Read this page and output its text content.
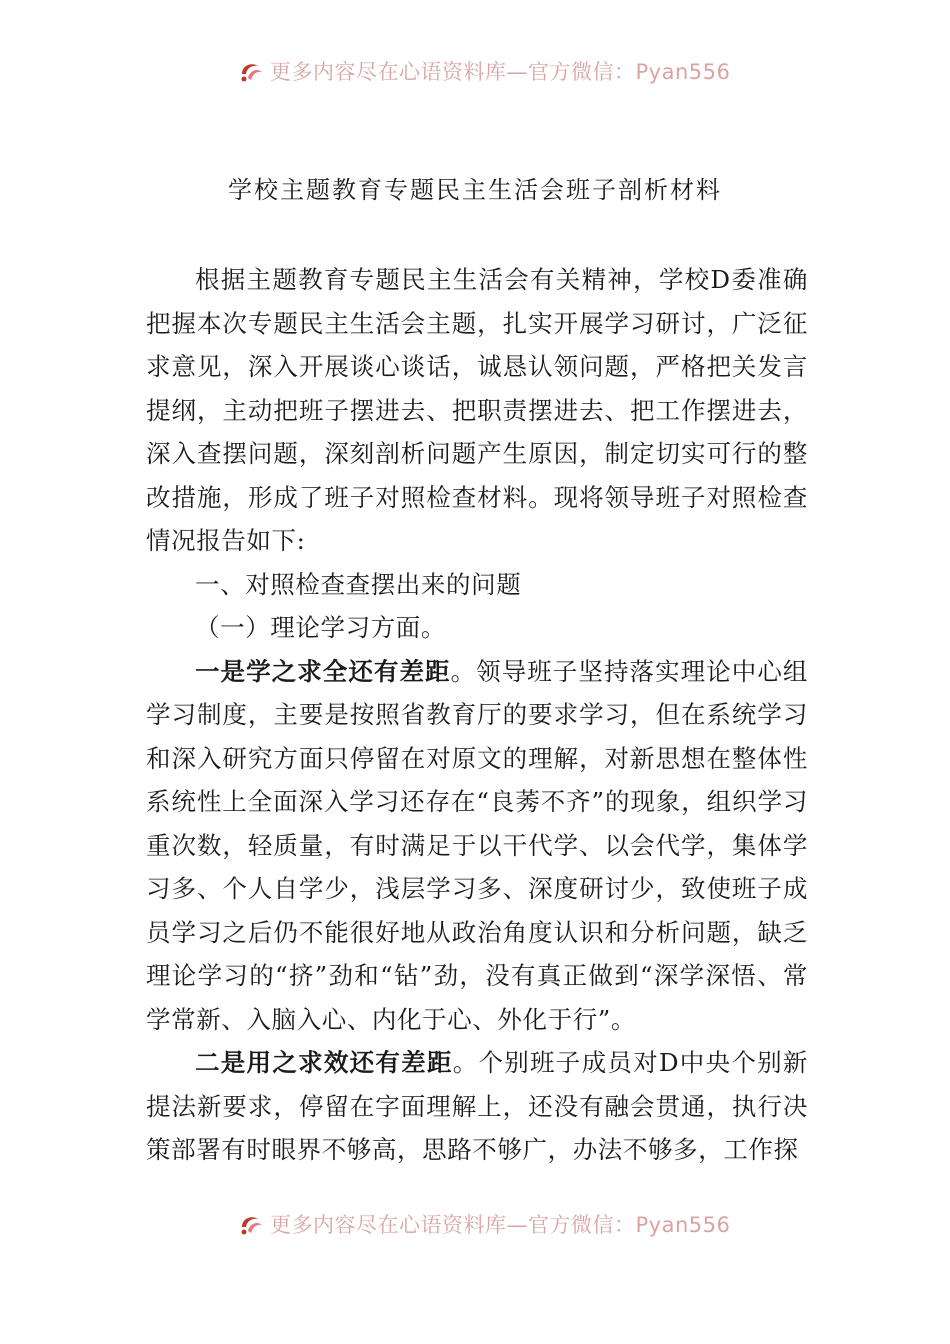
更多内容尽在心语资料库—官方微信：Pyan556
学校主题教育专题民主生活会班子剖析材料

根据主题教育专题民主生活会有关精神，学校D委准确把握本次专题民主生活会主题，扎实开展学习研讨，广泛征求意见，深入开展谈心谈话，诚恳认领问题，严格把关发言提纲，主动把班子摆进去、把职责摆进去、把工作摆进去，深入查摆问题，深刻剖析问题产生原因，制定切实可行的整改措施，形成了班子对照检查材料。现将领导班子对照检查情况报告如下:

一、对照检查查摆出来的问题

（一）理论学习方面。

一是学之求全还有差距。领导班子坚持落实理论中心组学习制度，主要是按照省教育厅的要求学习，但在系统学习和深入研究方面只停留在对原文的理解，对新思想在整体性系统性上全面深入学习还存在“良莠不齐”的现象，组织学习重次数，轻质量，有时满足于以干代学、以会代学，集体学习多、个人自学少，浅层学习多、深度研讨少，致使班子成员学习之后仍不能很好地从政治角度认识和分析问题，缺乏理论学习的“挤”劲和“钻”劲，没有真正做到“深学深悟、常学常新、入脑入心、内化于心、外化于行”。

二是用之求效还有差距。个别班子成员对D中央个别新提法新要求，停留在字面理解上，还没有融会贯通，执行决策部署有时眼界不够高，思路不够广，办法不够多，工作探

更多内容尽在心语资料库—官方微信：Pyan556
